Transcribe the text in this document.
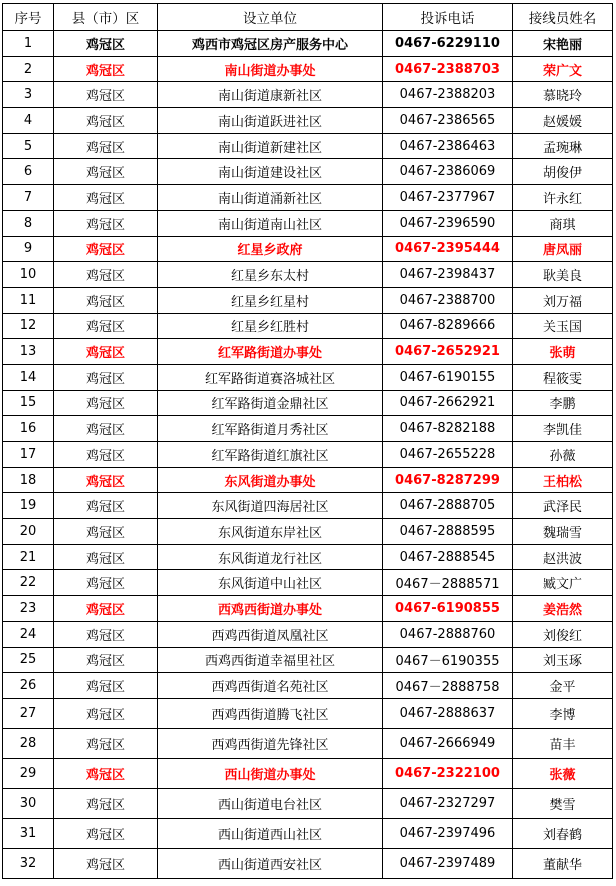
序号	县（市）区	设立单位	投诉电话	接线员姓名
1	鸡冠区	鸡西市鸡冠区房产服务中心	0467-6229110	宋艳丽
2	鸡冠区	南山街道办事处	0467-2388703	荣广文
3	鸡冠区	南山街道康新社区	0467-2388203	慕晓玲
4	鸡冠区	南山街道跃进社区	0467-2386565	赵媛媛
5	鸡冠区	南山街道新建社区	0467-2386463	孟琬琳
6	鸡冠区	南山街道建设社区	0467-2386069	胡俊伊
7	鸡冠区	南山街道涌新社区	0467-2377967	许永红
8	鸡冠区	南山街道南山社区	0467-2396590	商琪
9	鸡冠区	红星乡政府	0467-2395444	唐凤丽
10	鸡冠区	红星乡东太村	0467-2398437	耿美良
11	鸡冠区	红星乡红星村	0467-2388700	刘万福
12	鸡冠区	红星乡红胜村	0467-8289666	关玉国
13	鸡冠区	红军路街道办事处	0467-2652921	张萌
14	鸡冠区	红军路街道赛洛城社区	0467-6190155	程筱雯
15	鸡冠区	红军路街道金鼎社区	0467-2662921	李鹏
16	鸡冠区	红军路街道月秀社区	0467-8282188	李凯佳
17	鸡冠区	红军路街道红旗社区	0467-2655228	孙薇
18	鸡冠区	东风街道办事处	0467-8287299	王柏松
19	鸡冠区	东风街道四海居社区	0467-2888705	武泽民
20	鸡冠区	东风街道东岸社区	0467-2888595	魏瑞雪
21	鸡冠区	东风街道龙行社区	0467-2888545	赵洪波
22	鸡冠区	东风街道中山社区	0467－2888571	臧文广
23	鸡冠区	西鸡西街道办事处	0467-6190855	姜浩然
24	鸡冠区	西鸡西街道凤凰社区	0467-2888760	刘俊红
25	鸡冠区	西鸡西街道幸福里社区	0467－6190355	刘玉琢
26	鸡冠区	西鸡西街道名苑社区	0467－2888758	金平
27	鸡冠区	西鸡西街道腾飞社区	0467-2888637	李博
28	鸡冠区	西鸡西街道先锋社区	0467-2666949	苗丰
29	鸡冠区	西山街道办事处	0467-2322100	张薇
30	鸡冠区	西山街道电台社区	0467-2327297	樊雪
31	鸡冠区	西山街道西山社区	0467-2397496	刘春鹤
32	鸡冠区	西山街道西安社区	0467-2397489	董献华
